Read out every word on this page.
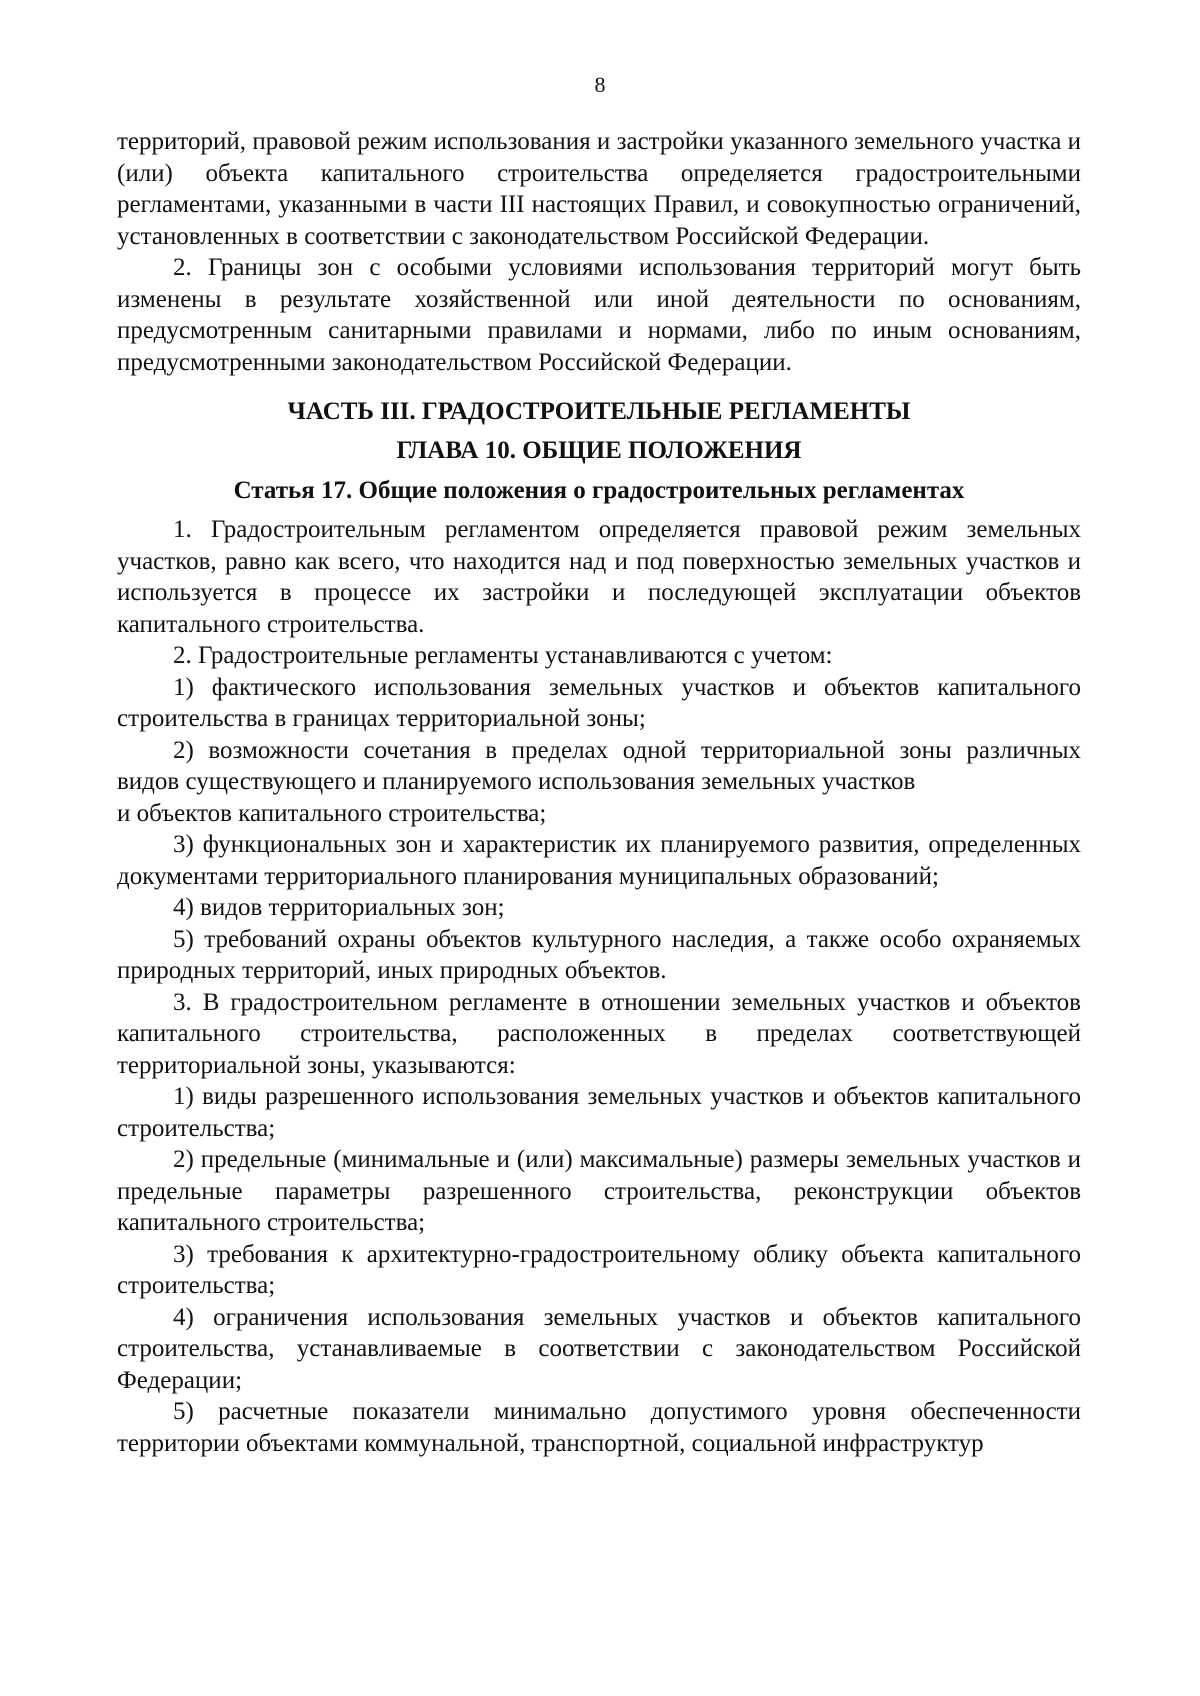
8

территорий, правовой режим использования и застройки указанного земельного участка и (или) объекта капитального строительства определяется градостроительными регламентами, указанными в части III настоящих Правил, и совокупностью ограничений, установленных в соответствии с законодательством Российской Федерации.

2. Границы зон с особыми условиями использования территорий могут быть изменены в результате хозяйственной или иной деятельности по основаниям, предусмотренным санитарными правилами и нормами, либо по иным основаниям, предусмотренными законодательством Российской Федерации.

ЧАСТЬ III. ГРАДОСТРОИТЕЛЬНЫЕ РЕГЛАМЕНТЫ
ГЛАВА 10. ОБЩИЕ ПОЛОЖЕНИЯ
Статья 17. Общие положения о градостроительных регламентах

1. Градостроительным регламентом определяется правовой режим земельных участков, равно как всего, что находится над и под поверхностью земельных участков и используется в процессе их застройки и последующей эксплуатации объектов капитального строительства.

2. Градостроительные регламенты устанавливаются с учетом:

1) фактического использования земельных участков и объектов капитального строительства в границах территориальной зоны;

2) возможности сочетания в пределах одной территориальной зоны различных видов существующего и планируемого использования земельных участков

и объектов капитального строительства;

3) функциональных зон и характеристик их планируемого развития, определенных документами территориального планирования муниципальных образований;

4) видов территориальных зон;

5) требований охраны объектов культурного наследия, а также особо охраняемых природных территорий, иных природных объектов.

3. В градостроительном регламенте в отношении земельных участков и объектов капитального строительства, расположенных в пределах соответствующей территориальной зоны, указываются:

1) виды разрешенного использования земельных участков и объектов капитального строительства;

2) предельные (минимальные и (или) максимальные) размеры земельных участков и предельные параметры разрешенного строительства, реконструкции объектов капитального строительства;

3) требования к архитектурно-градостроительному облику объекта капитального строительства;

4) ограничения использования земельных участков и объектов капитального строительства, устанавливаемые в соответствии с законодательством Российской Федерации;

5) расчетные показатели минимально допустимого уровня обеспеченности территории объектами коммунальной, транспортной, социальной инфраструктур
